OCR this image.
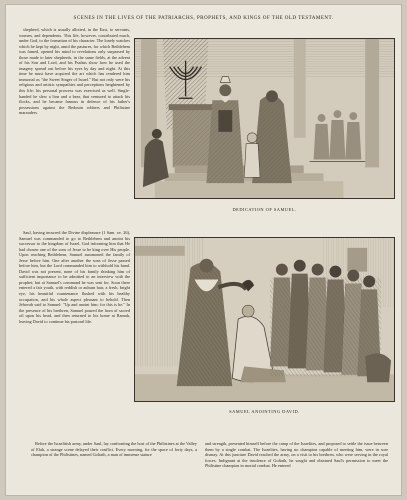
SCENES IN THE LIVES OF THE PATRIARCHS, PROPHETS, AND KINGS OF THE OLD TESTAMENT.

shepherd, which is usually allotted, in the East, to servants, women, and dependents. This life, however, contributed much, under God, to the formation of his character. The lonely watches which he kept by night, amid the pastures, for which Bethlehem was famed, opened his mind to revelations only surpassed by those made to later shepherds, in the same fields, at the advent of his Son and Lord, and his Psalms show how he used the imagery spread out before his eyes by day and night. At this time he must have acquired the art which has rendered him immortal as "the Sweet Singer of Israel." But not only were his religious and artistic sympathies and perceptions heightened by this life; his personal prowess was exercised as well. Single-handed he slew a lion and a bear, that ventured to attack his flocks, and he became famous in defence of his father's possessions against the Bedouin robbers and Philistine marauders.

DEDICATION OF SAMUEL.

Saul, having incurred the Divine displeasure (1 Sam. xv. 26), Samuel was commanded to go to Bethlehem and anoint his successor to the kingdom of Israel, God informing him that He had chosen one of the sons of Jesse to be king over His people. Upon reaching Bethlehem, Samuel summoned the family of Jesse before him. One after another the sons of Jesse passed before him, but the Lord commanded him to withhold his hand. David was not present, none of his family thinking him of sufficient importance to be admitted to an interview with the prophet; but at Samuel's command he was sent for. Soon there entered a fair youth, with reddish or auburn hair, a fresh, bright eye, his beautiful countenance flushed with his healthy occupation, and his whole aspect pleasant to behold. Then Jehovah said to Samuel: "Up and anoint him; for this is he." In the presence of his brethren, Samuel poured the horn of sacred oil upon his head, and then returned to his home at Ramah, leaving David to continue his pastoral life.

SAMUEL ANOINTING DAVID.

Before the Israelitish army, under Saul, lay confronting the host of the Philistines at the Valley of Elah, a strange scene delayed their conflict. Every morning, for the space of forty days, a champion of the Philistines, named Goliath, a man of immense stature

and strength, presented himself before the camp of the Israelites, and proposed to settle the issue between them by a single combat. The Israelites, having no champion capable of meeting him, were in sore dismay. At this juncture David reached the army, on a visit to his brethren, who were serving in the royal forces. Indignant at the insolence of Goliath, he sought and obtained Saul's permission to meet the Philistine champion in mortal combat. He entered
